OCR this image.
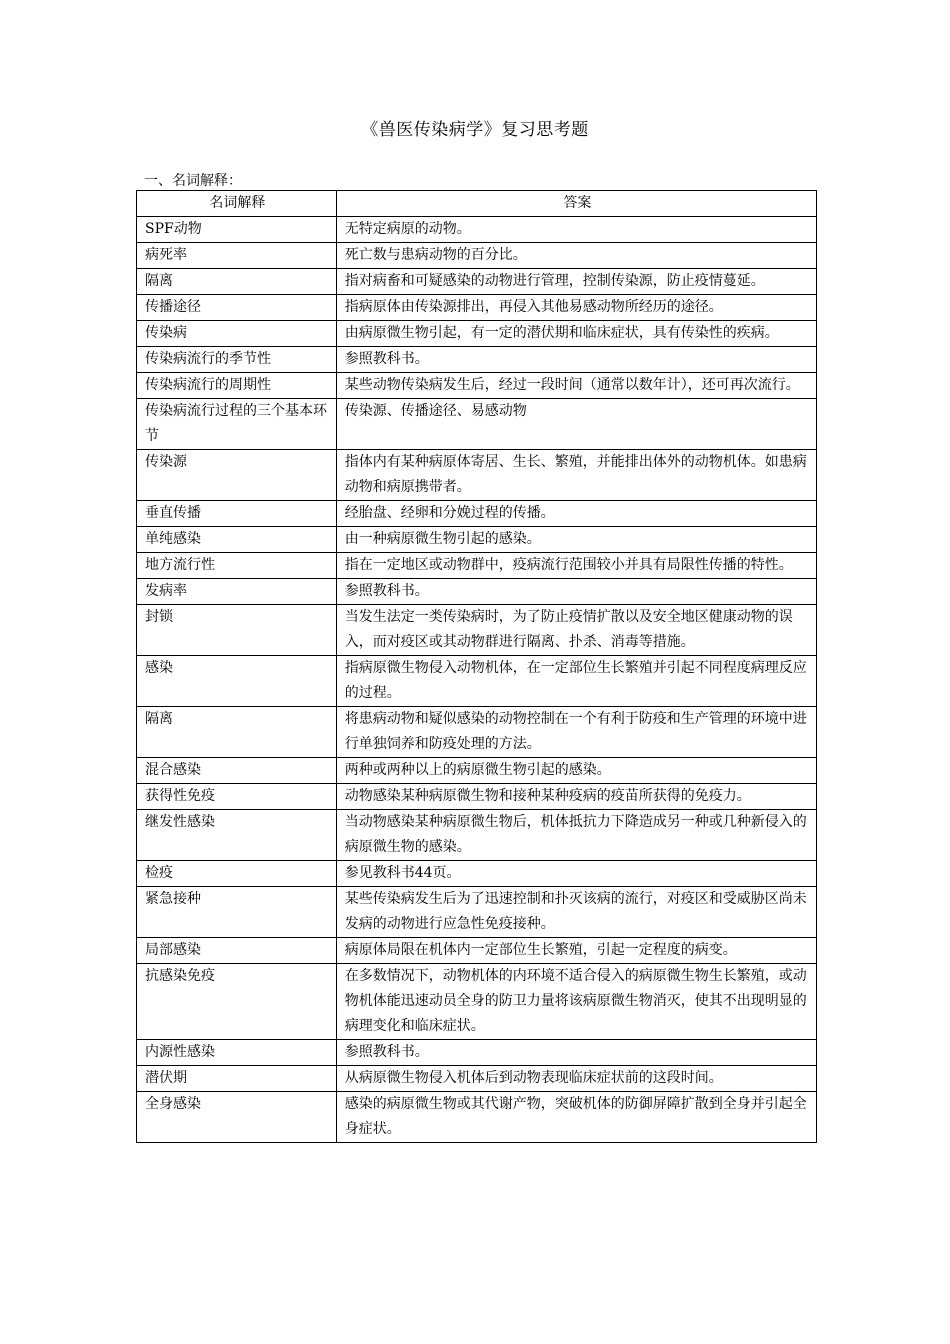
《兽医传染病学》复习思考题
一、名词解释：
名词解释	答案
SPF动物	无特定病原的动物。
病死率	死亡数与患病动物的百分比。
隔离	指对病畜和可疑感染的动物进行管理，控制传染源，防止疫情蔓延。
传播途径	指病原体由传染源排出，再侵入其他易感动物所经历的途径。
传染病	由病原微生物引起，有一定的潜伏期和临床症状，具有传染性的疾病。
传染病流行的季节性	参照教科书。
传染病流行的周期性	某些动物传染病发生后，经过一段时间（通常以数年计），还可再次流行。
传染病流行过程的三个基本环节	传染源、传播途径、易感动物
传染源	指体内有某种病原体寄居、生长、繁殖，并能排出体外的动物机体。如患病动物和病原携带者。
垂直传播	经胎盘、经卵和分娩过程的传播。
单纯感染	由一种病原微生物引起的感染。
地方流行性	指在一定地区或动物群中，疫病流行范围较小并具有局限性传播的特性。
发病率	参照教科书。
封锁	当发生法定一类传染病时，为了防止疫情扩散以及安全地区健康动物的误入，而对疫区或其动物群进行隔离、扑杀、消毒等措施。
感染	指病原微生物侵入动物机体，在一定部位生长繁殖并引起不同程度病理反应的过程。
隔离	将患病动物和疑似感染的动物控制在一个有利于防疫和生产管理的环境中进行单独饲养和防疫处理的方法。
混合感染	两种或两种以上的病原微生物引起的感染。
获得性免疫	动物感染某种病原微生物和接种某种疫病的疫苗所获得的免疫力。
继发性感染	当动物感染某种病原微生物后，机体抵抗力下降造成另一种或几种新侵入的病原微生物的感染。
检疫	参见教科书44页。
紧急接种	某些传染病发生后为了迅速控制和扑灭该病的流行，对疫区和受威胁区尚未发病的动物进行应急性免疫接种。
局部感染	病原体局限在机体内一定部位生长繁殖，引起一定程度的病变。
抗感染免疫	在多数情况下，动物机体的内环境不适合侵入的病原微生物生长繁殖，或动物机体能迅速动员全身的防卫力量将该病原微生物消灭，使其不出现明显的病理变化和临床症状。
内源性感染	参照教科书。
潜伏期	从病原微生物侵入机体后到动物表现临床症状前的这段时间。
全身感染	感染的病原微生物或其代谢产物，突破机体的防御屏障扩散到全身并引起全身症状。
